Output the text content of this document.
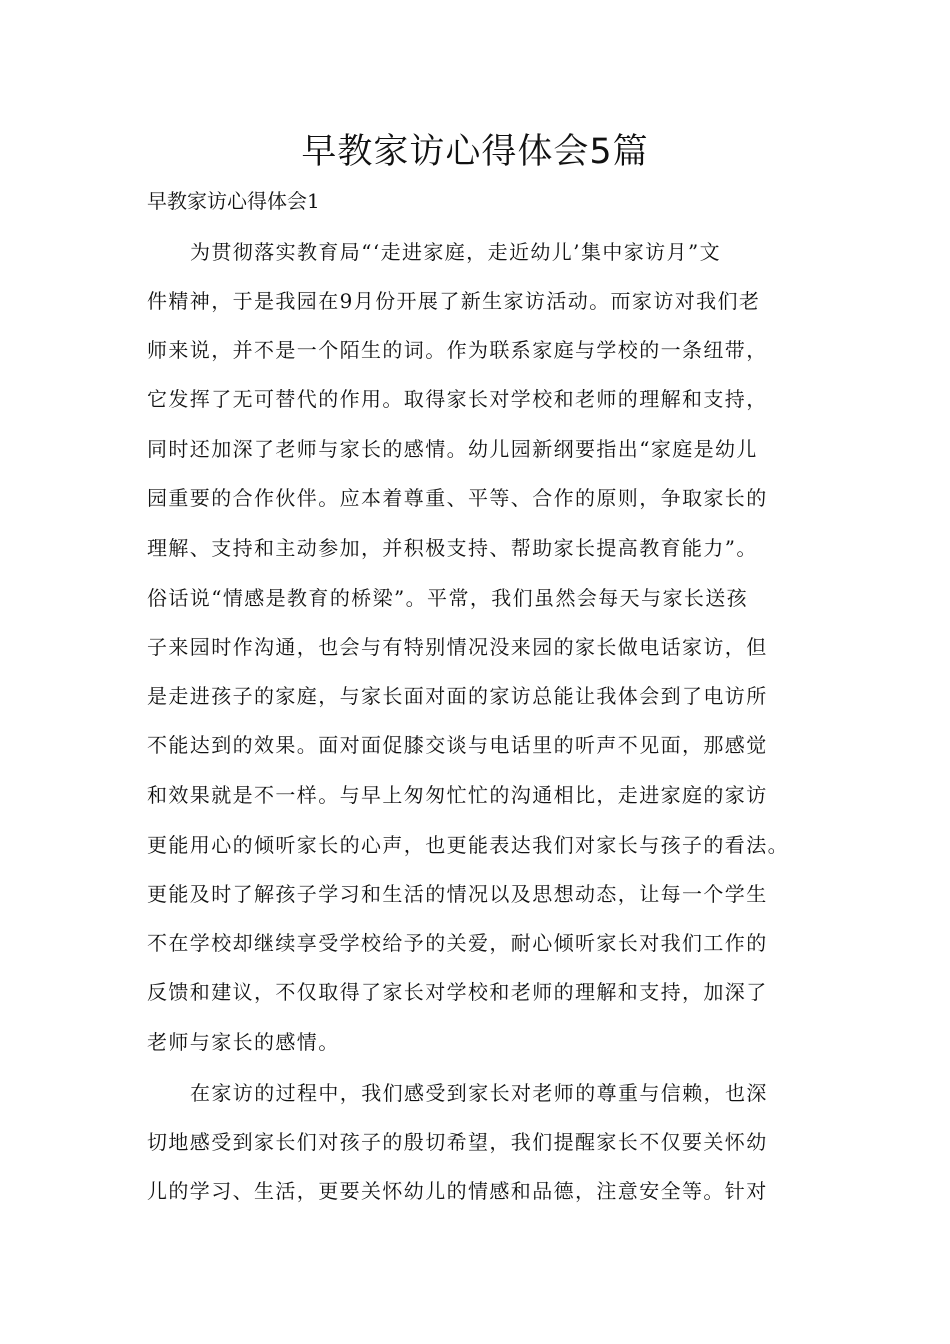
早教家访心得体会5篇
早教家访心得体会1

为贯彻落实教育局“‘走进家庭，走近幼儿’集中家访月”文

件精神，于是我园在9月份开展了新生家访活动。而家访对我们老

师来说，并不是一个陌生的词。作为联系家庭与学校的一条纽带，

它发挥了无可替代的作用。取得家长对学校和老师的理解和支持，

同时还加深了老师与家长的感情。幼儿园新纲要指出“家庭是幼儿

园重要的合作伙伴。应本着尊重、平等、合作的原则，争取家长的

理解、支持和主动参加，并积极支持、帮助家长提高教育能力”。

俗话说“情感是教育的桥梁”。平常，我们虽然会每天与家长送孩

子来园时作沟通，也会与有特别情况没来园的家长做电话家访，但

是走进孩子的家庭，与家长面对面的家访总能让我体会到了电访所

不能达到的效果。面对面促膝交谈与电话里的听声不见面，那感觉

和效果就是不一样。与早上匆匆忙忙的沟通相比，走进家庭的家访

更能用心的倾听家长的心声，也更能表达我们对家长与孩子的看法。

更能及时了解孩子学习和生活的情况以及思想动态，让每一个学生

不在学校却继续享受学校给予的关爱，耐心倾听家长对我们工作的

反馈和建议，不仅取得了家长对学校和老师的理解和支持，加深了

老师与家长的感情。

在家访的过程中，我们感受到家长对老师的尊重与信赖，也深

切地感受到家长们对孩子的殷切希望，我们提醒家长不仅要关怀幼

儿的学习、生活，更要关怀幼儿的情感和品德，注意安全等。针对
